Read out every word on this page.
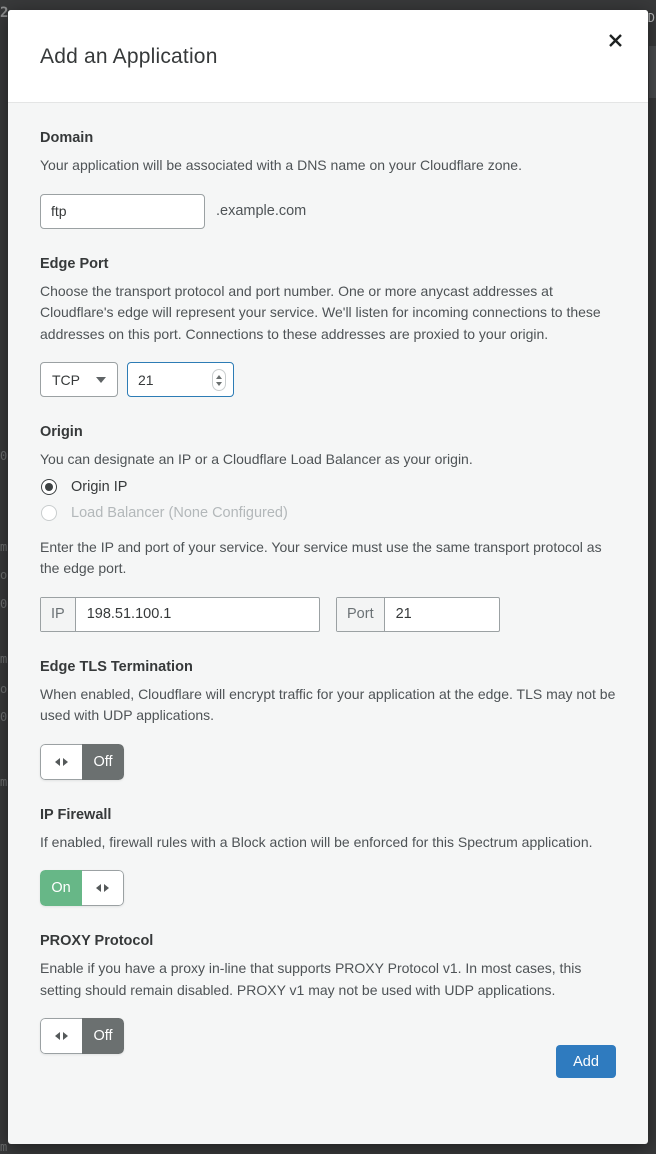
2
0
m
o
0
m
o
0
m
m
D
Add an Application
Domain
Your application will be associated with a DNS name on your Cloudflare zone.
ftp
.example.com
Edge Port
Choose the transport protocol and port number. One or more anycast addresses at Cloudflare's edge will represent your service. We'll listen for incoming connections to these addresses on this port. Connections to these addresses are proxied to your origin.
TCP
21
Origin
You can designate an IP or a Cloudflare Load Balancer as your origin.
Origin IP
Load Balancer (None Configured)
Enter the IP and port of your service. Your service must use the same transport protocol as the edge port.
IP
198.51.100.1	Port
21
Edge TLS Termination
When enabled, Cloudflare will encrypt traffic for your application at the edge. TLS may not be used with UDP applications.
Off
IP Firewall
If enabled, firewall rules with a Block action will be enforced for this Spectrum application.
On
PROXY Protocol
Enable if you have a proxy in-line that supports PROXY Protocol v1. In most cases, this setting should remain disabled. PROXY v1 may not be used with UDP applications.
Off
Add
